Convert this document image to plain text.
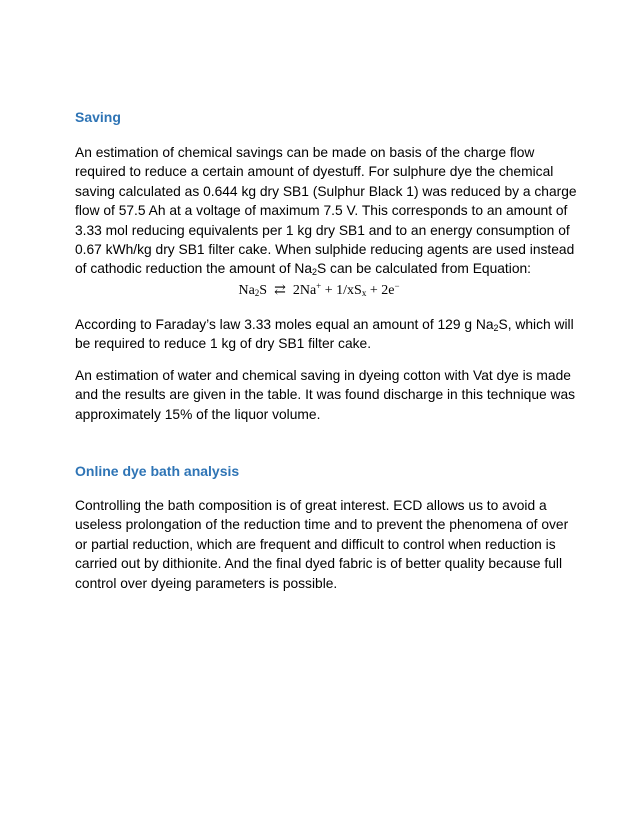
Saving

An estimation of chemical savings can be made on basis of the charge flow
required to reduce a certain amount of dyestuff. For sulphure dye the chemical
saving calculated as 0.644 kg dry SB1 (Sulphur Black 1) was reduced by a charge
flow of 57.5 Ah at a voltage of maximum 7.5 V. This corresponds to an amount of
3.33 mol reducing equivalents per 1 kg dry SB1 and to an energy consumption of
0.67 kWh/kg dry SB1 filter cake. When sulphide reducing agents are used instead
of cathodic reduction the amount of $Na_2S$ can be calculated from Equation:

$Na_2S$ ⇄ $2Na^+ + 1/xS_x + 2e^-$

According to Faraday’s law 3.33 moles equal an amount of 129 g $Na_2S$, which will
be required to reduce 1 kg of dry SB1 filter cake.

An estimation of water and chemical saving in dyeing cotton with Vat dye is made
and the results are given in the table. It was found discharge in this technique was
approximately 15% of the liquor volume.

Online dye bath analysis

Controlling the bath composition is of great interest. ECD allows us to avoid a
useless prolongation of the reduction time and to prevent the phenomena of over
or partial reduction, which are frequent and difficult to control when reduction is
carried out by dithionite. And the final dyed fabric is of better quality because full
control over dyeing parameters is possible.
